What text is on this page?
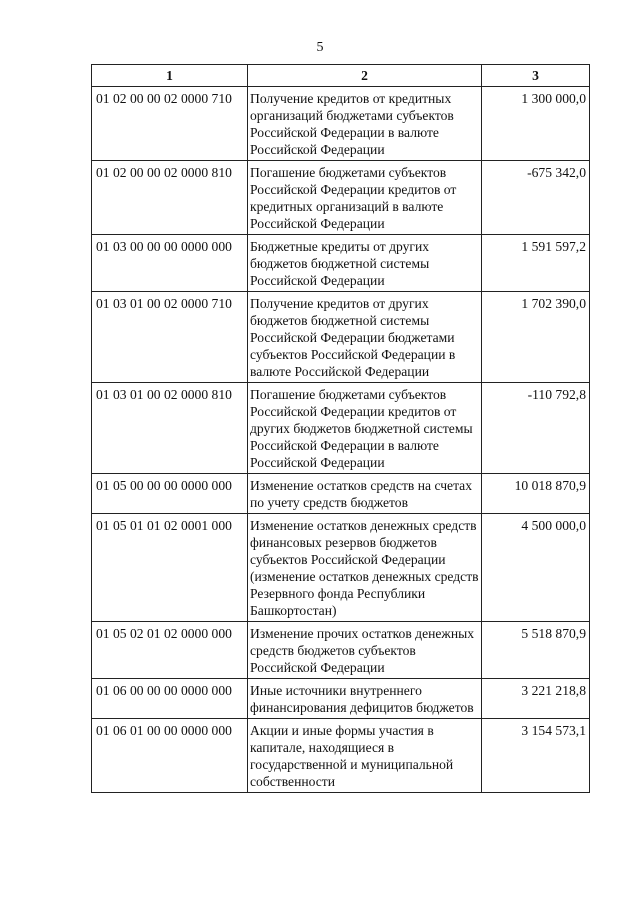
5
1	2	3
01 02 00 00 02 0000 710	Получение кредитов от кредитных организаций бюджетами субъектов Российской Федерации в валюте Российской Федерации	1 300 000,0
01 02 00 00 02 0000 810	Погашение бюджетами субъектов Российской Федерации кредитов от кредитных организаций в валюте Российской Федерации	-675 342,0
01 03 00 00 00 0000 000	Бюджетные кредиты от других бюджетов бюджетной системы Российской Федерации	1 591 597,2
01 03 01 00 02 0000 710	Получение кредитов от других бюджетов бюджетной системы Российской Федерации бюджетами субъектов Российской Федерации в валюте Российской Федерации	1 702 390,0
01 03 01 00 02 0000 810	Погашение бюджетами субъектов Российской Федерации кредитов от других бюджетов бюджетной системы Российской Федерации в валюте Российской Федерации	-110 792,8
01 05 00 00 00 0000 000	Изменение остатков средств на счетах по учету средств бюджетов	10 018 870,9
01 05 01 01 02 0001 000	Изменение остатков денежных средств финансовых резервов бюджетов субъектов Российской Федерации (изменение остатков денежных средств Резервного фонда Республики Башкортостан)	4 500 000,0
01 05 02 01 02 0000 000	Изменение прочих остатков денежных средств бюджетов субъектов Российской Федерации	5 518 870,9
01 06 00 00 00 0000 000	Иные источники внутреннего финансирования дефицитов бюджетов	3 221 218,8
01 06 01 00 00 0000 000	Акции и иные формы участия в капитале, находящиеся в государственной и муниципальной собственности	3 154 573,1
